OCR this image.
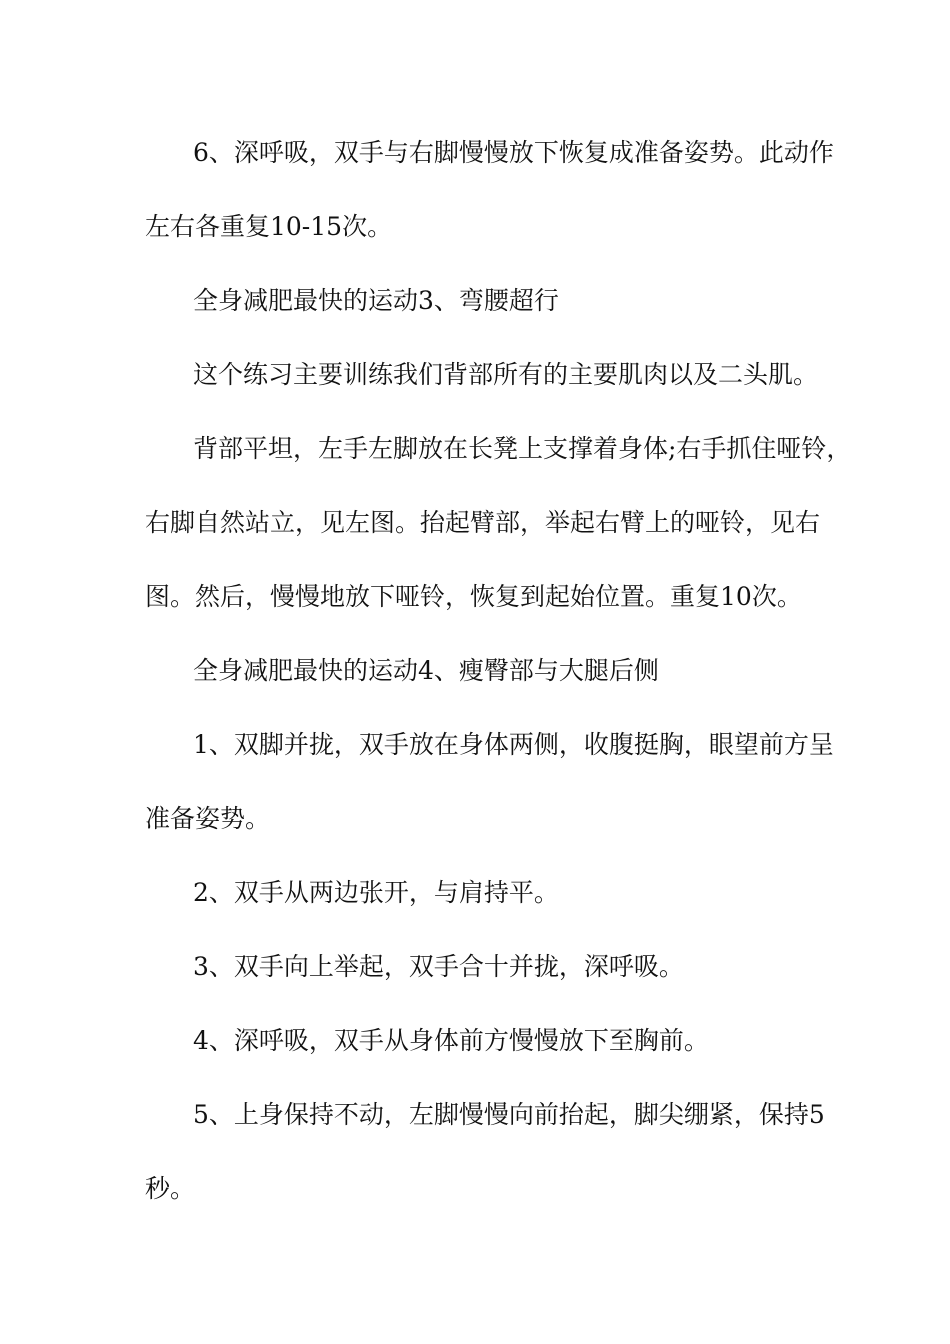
6、深呼吸，双手与右脚慢慢放下恢复成准备姿势。此动作
左右各重复10-15次。
全身减肥最快的运动3、弯腰超行
这个练习主要训练我们背部所有的主要肌肉以及二头肌。
背部平坦，左手左脚放在长凳上支撑着身体;右手抓住哑铃，
右脚自然站立，见左图。抬起臂部，举起右臂上的哑铃，见右
图。然后，慢慢地放下哑铃，恢复到起始位置。重复10次。
全身减肥最快的运动4、瘦臀部与大腿后侧
1、双脚并拢，双手放在身体两侧，收腹挺胸，眼望前方呈
准备姿势。
2、双手从两边张开，与肩持平。
3、双手向上举起，双手合十并拢，深呼吸。
4、深呼吸，双手从身体前方慢慢放下至胸前。
5、上身保持不动，左脚慢慢向前抬起，脚尖绷紧，保持5
秒。
